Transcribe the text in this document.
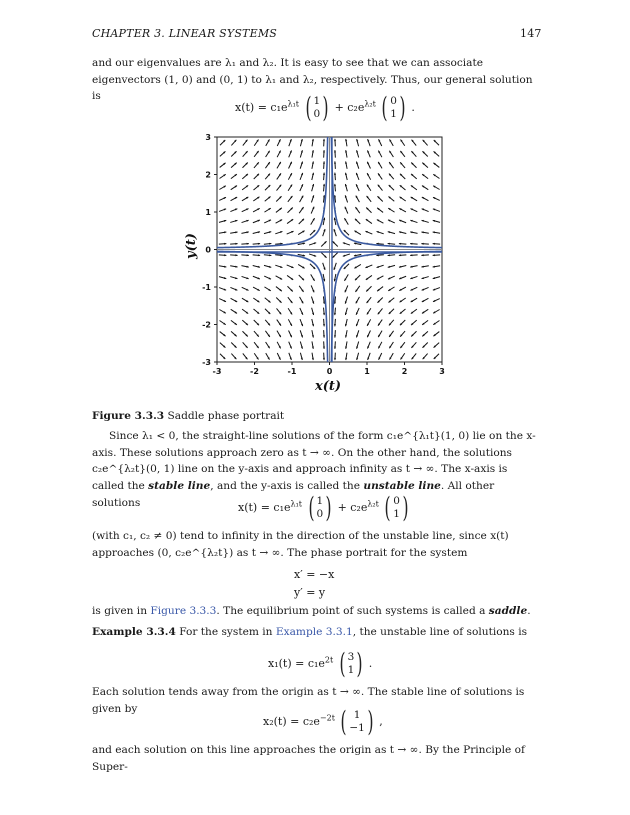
CHAPTER 3. LINEAR SYSTEMS	147

and our eigenvalues are λ₁ and λ₂. It is easy to see that we can associate eigenvectors (1, 0) and (0, 1) to λ₁ and λ₂, respectively. Thus, our general solution is

$x(t) = c_1e^{\lambda_1t}$ ( 1
0 ) + $c_2e^{\lambda_2t}$ ( 0
1 ) .
-3	-2	-1	0	1	2	3
-3
-2
-1
0
1
2
3
x(t)
y(t)
Figure 3.3.3 Saddle phase portrait

Since λ₁ < 0, the straight-line solutions of the form c₁e^{λ₁t}(1, 0) lie on the x-axis. These solutions approach zero as t → ∞. On the other hand, the solutions c₂e^{λ₂t}(0, 1) line on the y-axis and approach infinity as t → ∞. The x-axis is called the stable line, and the y-axis is called the unstable line. All other solutions	$x(t) = c_1e^{\lambda_1t}$ ( 1
0 ) + $c_2e^{\lambda_2t}$ ( 0
1 )

(with c₁, c₂ ≠ 0) tend to infinity in the direction of the unstable line, since x(t) approaches (0, c₂e^{λ₂t}) as t → ∞. The phase portrait for the system

x′ = −x
y′ = y

is given in Figure 3.3.3. The equilibrium point of such systems is called a saddle.

Example 3.3.4 For the system in Example 3.3.1, the unstable line of solutions is

$x_1(t) = c_1e^{2t}$ ( 3
1 ) .

Each solution tends away from the origin as t → ∞. The stable line of solutions is given by

$x_2(t) = c_2e^{-2t}$ ( 1
−1 ) ,

and each solution on this line approaches the origin as t → ∞. By the Principle of Super-
